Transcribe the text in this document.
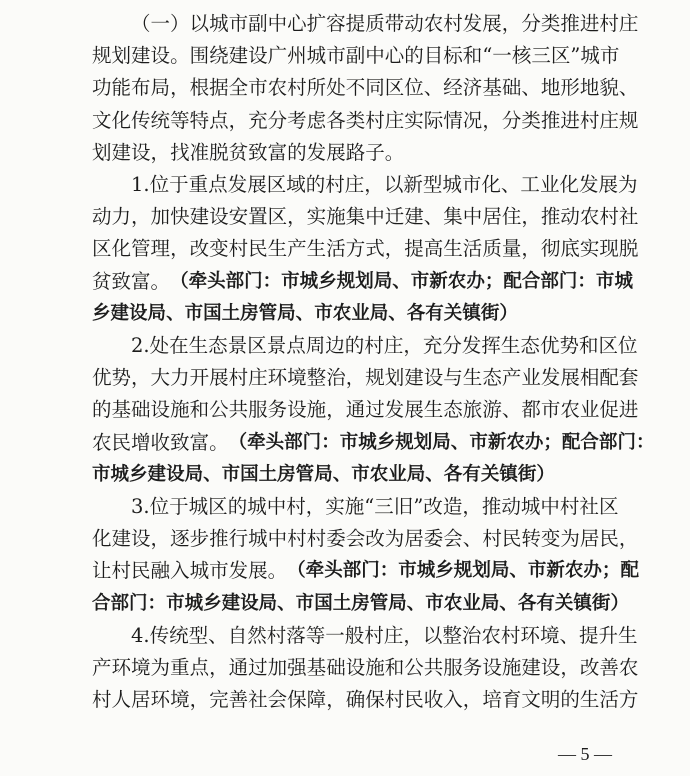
（ 一 ） 以 城 市 副 中 心 扩 容 提 质 带 动 农 村 发 展 ， 分 类 推 进 村 庄
规 划 建 设 。 围 绕 建 设 广 州 城 市 副 中 心 的 目 标 和 “ 一 核 三 区 ” 城 市
功 能 布 局 ， 根 据 全 市 农 村 所 处 不 同 区 位 、 经 济 基 础 、 地 形 地 貌 、
文 化 传 统 等 特 点 ， 充 分 考 虑 各 类 村 庄 实 际 情 况 ， 分 类 推 进 村 庄 规
划 建 设 ， 找 准 脱 贫 致 富 的 发 展 路 子 。
1 . 位 于 重 点 发 展 区 域 的 村 庄 ， 以 新 型 城 市 化 、 工 业 化 发 展 为
动 力 ， 加 快 建 设 安 置 区 ， 实 施 集 中 迁 建 、 集 中 居 住 ， 推 动 农 村 社
区 化 管 理 ， 改 变 村 民 生 产 生 活 方 式 ， 提 高 生 活 质 量 ， 彻 底 实 现 脱
贫 致 富 。 （ 牵 头 部 门 ： 市 城 乡 规 划 局 、 市 新 农 办 ； 配 合 部 门 ： 市 城
乡 建 设 局 、 市 国 土 房 管 局 、 市 农 业 局 、 各 有 关 镇 街 ）
2 . 处 在 生 态 景 区 景 点 周 边 的 村 庄 ， 充 分 发 挥 生 态 优 势 和 区 位
优 势 ， 大 力 开 展 村 庄 环 境 整 治 ， 规 划 建 设 与 生 态 产 业 发 展 相 配 套
的 基 础 设 施 和 公 共 服 务 设 施 ， 通 过 发 展 生 态 旅 游 、 都 市 农 业 促 进
农 民 增 收 致 富 。 （ 牵 头 部 门 ： 市 城 乡 规 划 局 、 市 新 农 办 ； 配 合 部 门 ：
市 城 乡 建 设 局 、 市 国 土 房 管 局 、 市 农 业 局 、 各 有 关 镇 街 ）
3 . 位 于 城 区 的 城 中 村 ， 实 施 “ 三 旧 ” 改 造 ， 推 动 城 中 村 社 区
化 建 设 ， 逐 步 推 行 城 中 村 村 委 会 改 为 居 委 会 、 村 民 转 变 为 居 民 ，
让 村 民 融 入 城 市 发 展 。 （ 牵 头 部 门 ： 市 城 乡 规 划 局 、 市 新 农 办 ； 配
合 部 门 ： 市 城 乡 建 设 局 、 市 国 土 房 管 局 、 市 农 业 局 、 各 有 关 镇 街 ）
4 . 传 统 型 、 自 然 村 落 等 一 般 村 庄 ， 以 整 治 农 村 环 境 、 提 升 生
产 环 境 为 重 点 ， 通 过 加 强 基 础 设 施 和 公 共 服 务 设 施 建 设 ， 改 善 农
村 人 居 环 境 ， 完 善 社 会 保 障 ， 确 保 村 民 收 入 ， 培 育 文 明 的 生 活 方
— 5 —
